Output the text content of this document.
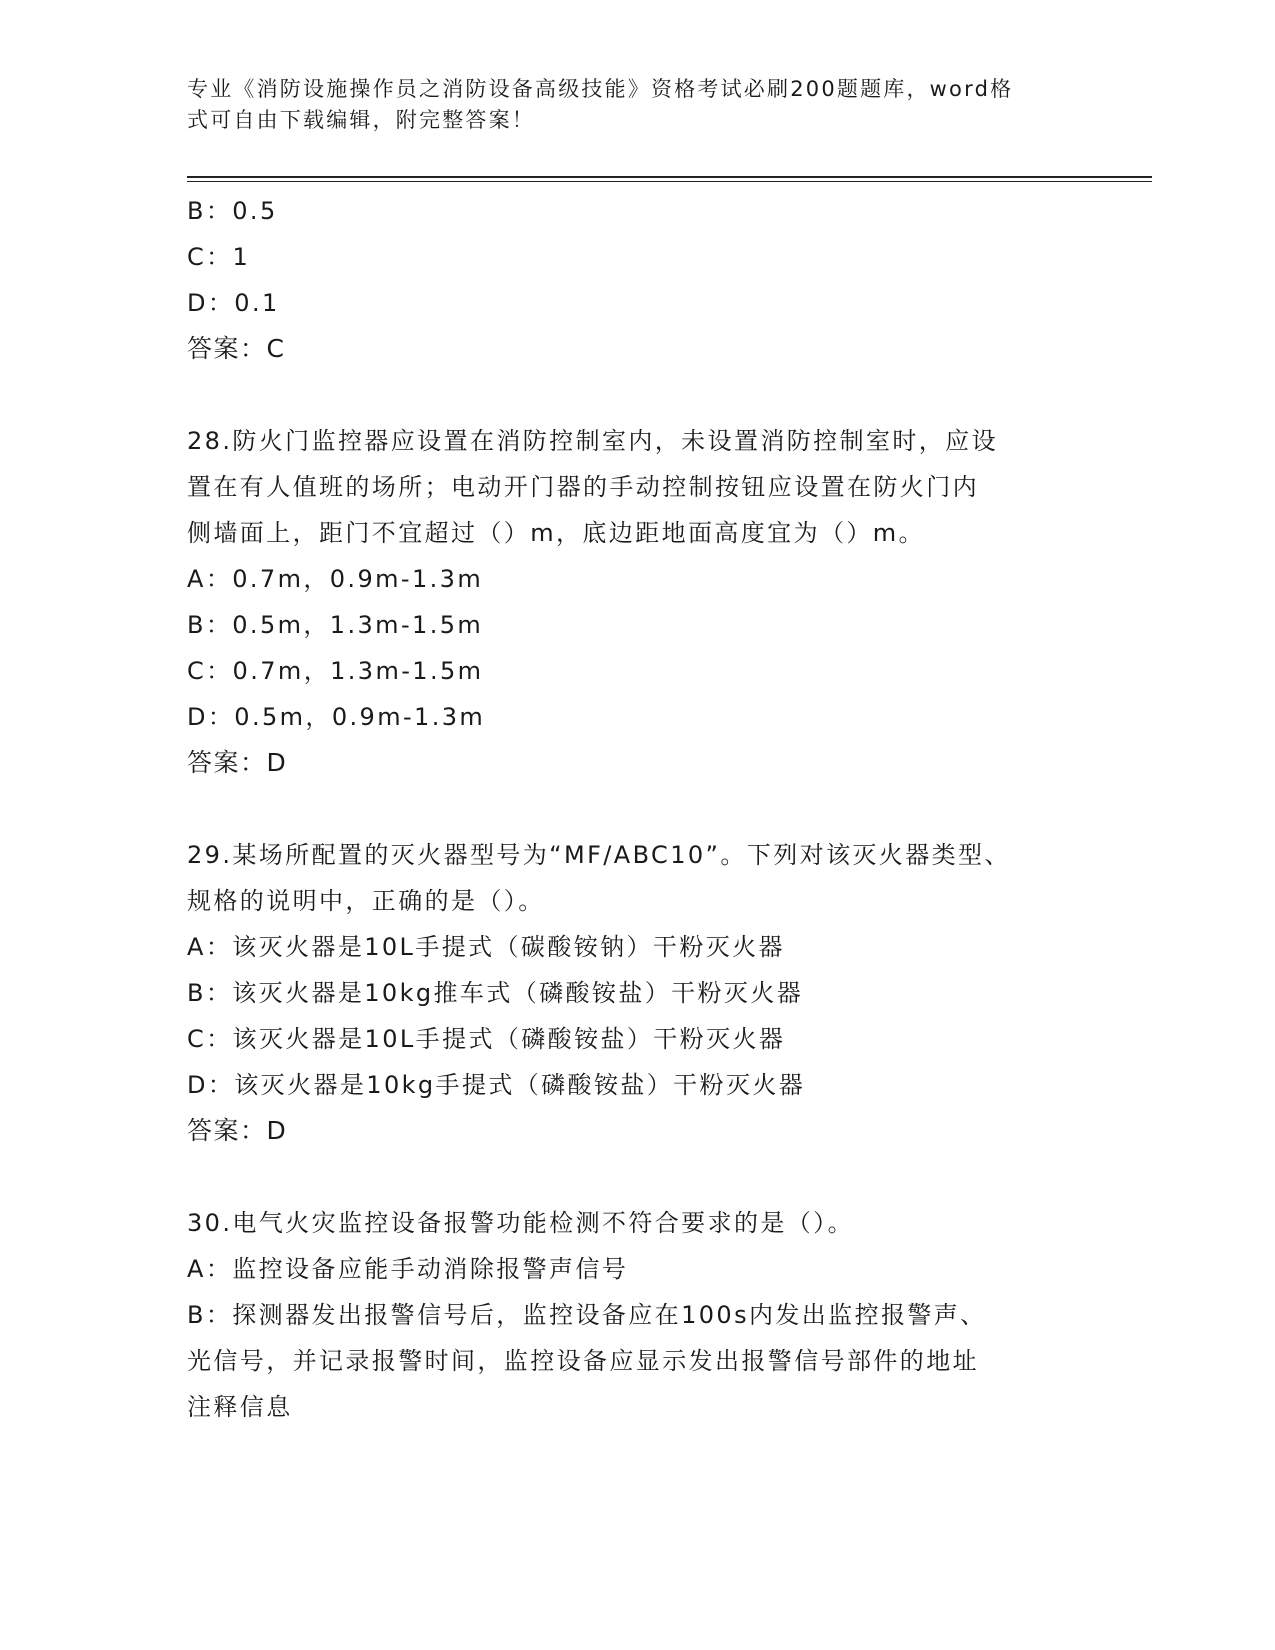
专业《消防设施操作员之消防设备高级技能》资格考试必刷200题题库，word格
式可自由下载编辑，附完整答案！
B：0.5
C：1
D：0.1
答案：C
28.防火门监控器应设置在消防控制室内，未设置消防控制室时，应设
置在有人值班的场所；电动开门器的手动控制按钮应设置在防火门内
侧墙面上，距门不宜超过（）m，底边距地面高度宜为（）m。
A：0.7m，0.9m-1.3m
B：0.5m，1.3m-1.5m
C：0.7m，1.3m-1.5m
D：0.5m，0.9m-1.3m
答案：D
29.某场所配置的灭火器型号为“MF/ABC10”。下列对该灭火器类型、
规格的说明中，正确的是（）。
A：该灭火器是10L手提式（碳酸铵钠）干粉灭火器
B：该灭火器是10kg推车式（磷酸铵盐）干粉灭火器
C：该灭火器是10L手提式（磷酸铵盐）干粉灭火器
D：该灭火器是10kg手提式（磷酸铵盐）干粉灭火器
答案：D
30.电气火灾监控设备报警功能检测不符合要求的是（）。
A：监控设备应能手动消除报警声信号
B：探测器发出报警信号后，监控设备应在100s内发出监控报警声、
光信号，并记录报警时间，监控设备应显示发出报警信号部件的地址
注释信息
